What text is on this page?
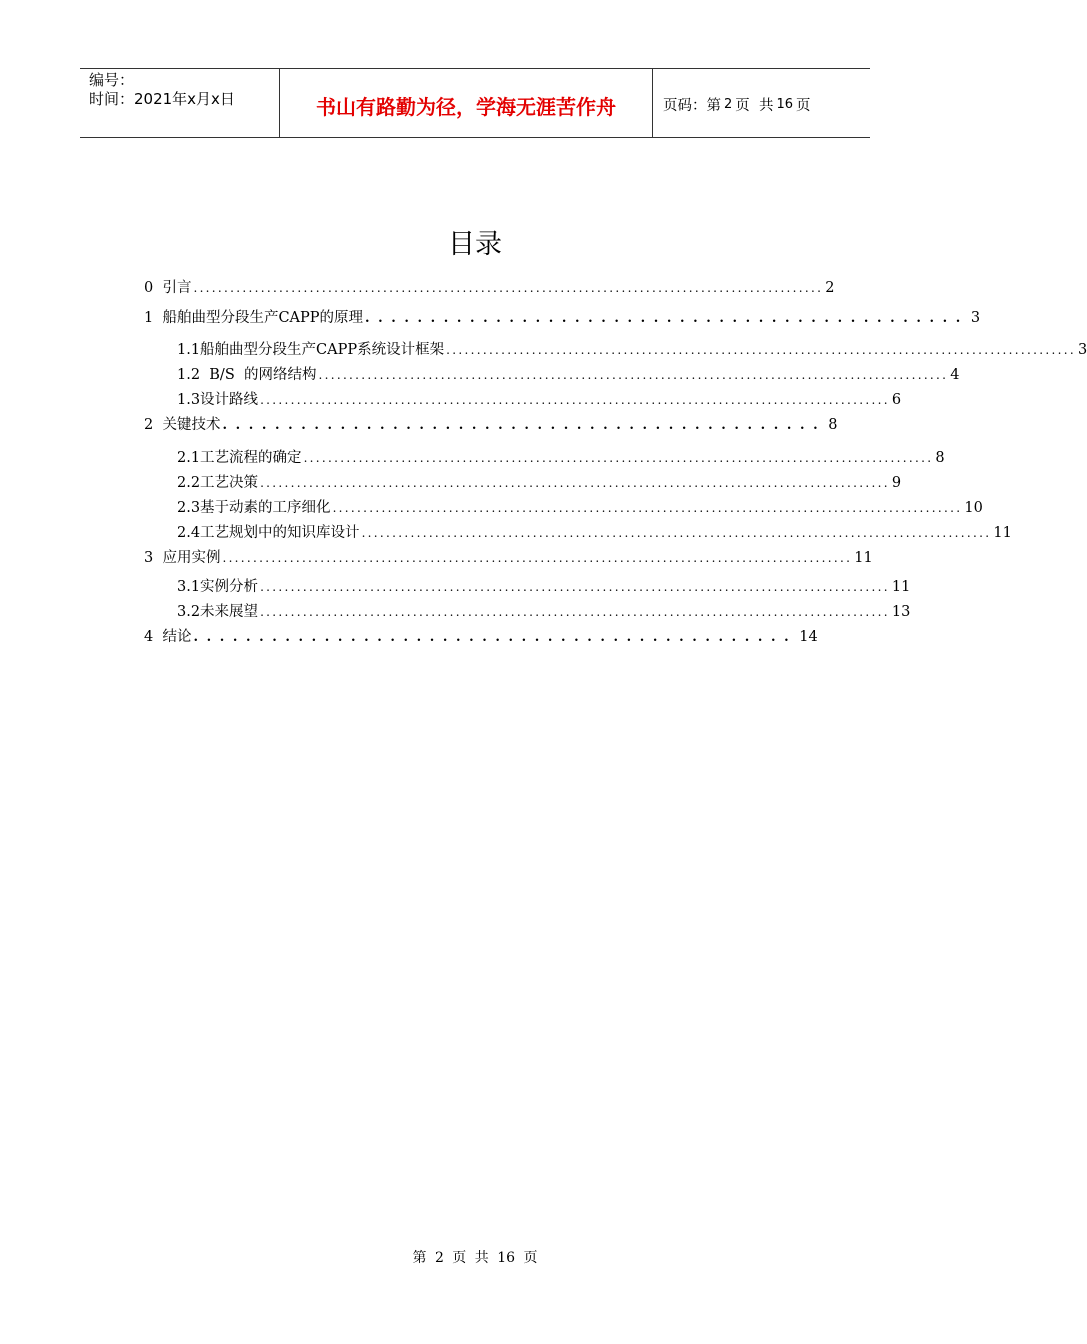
编号：
时间：2021年x月x日	书山有路勤为径，学海无涯苦作舟	页码：第 2 页  共 16 页
目录
0  引言 ....................................................................................................... 2
1  船舶曲型分段生产CAPP的原理 .............................................. 3
1.1船舶曲型分段生产CAPP系统设计框架 ....................................................................................................... 3
1.2  B/S  的网络结构 ....................................................................................................... 4
1.3设计路线 ....................................................................................................... 6
2  关键技术 .............................................. 8
2.1工艺流程的确定 ....................................................................................................... 8
2.2工艺决策 ....................................................................................................... 9
2.3基于动素的工序细化 ....................................................................................................... 10
2.4工艺规划中的知识库设计 ....................................................................................................... 11
3  应用实例 ....................................................................................................... 11
3.1实例分析 ....................................................................................................... 11
3.2未来展望 ....................................................................................................... 13
4  结论 .............................................. 14
第 2 页 共 16 页
